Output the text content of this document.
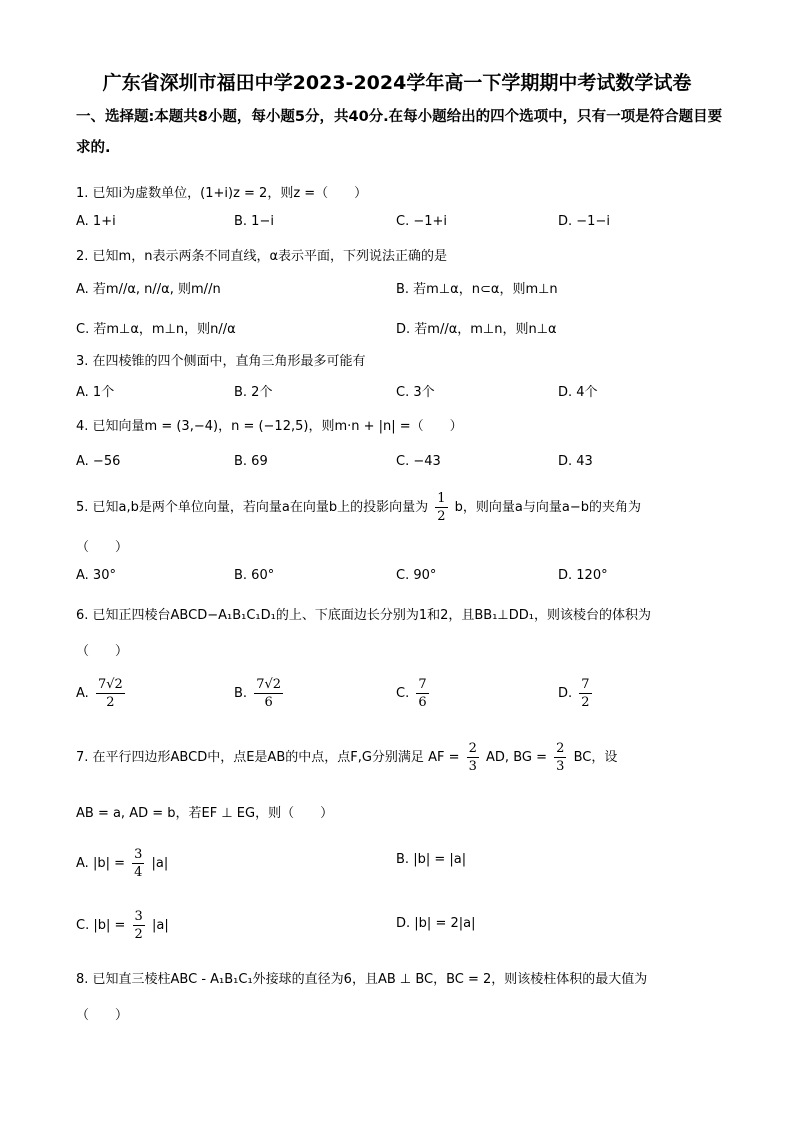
广东省深圳市福田中学2023-2024学年高一下学期期中考试数学试卷
一、选择题:本题共8小题，每小题5分，共40分.在每小题给出的四个选项中，只有一项是符合题目要求的.
1. 已知i为虚数单位，(1+i)z = 2，则z =（　　）
A. 1+i	B. 1−i	C. −1+i	D. −1−i
2. 已知m，n表示两条不同直线，α表示平面，下列说法正确的是
A. 若m//α, n//α, 则m//n	B. 若m⊥α，n⊂α，则m⊥n
C. 若m⊥α，m⊥n，则n//α	D. 若m//α，m⊥n，则n⊥α
3. 在四棱锥的四个侧面中，直角三角形最多可能有
A. 1个	B. 2个	C. 3个	D. 4个
4. 已知向量m = (3,−4)，n = (−12,5)，则m·n + |n| =（　　）
A. −56	B. 69	C. −43	D. 43
5. 已知a,b是两个单位向量，若向量a在向量b上的投影向量为 $\frac{1}{2}$ b，则向量a与向量a−b的夹角为
（　　）
A. 30°	B. 60°	C. 90°	D. 120°
6. 已知正四棱台ABCD−A₁B₁C₁D₁的上、下底面边长分别为1和2，且BB₁⊥DD₁，则该棱台的体积为
（　　）
A. $\frac{7√2}{2}$	B. $\frac{7√2}{6}$	C. $\frac{7}{6}$	D. $\frac{7}{2}$
7. 在平行四边形ABCD中，点E是AB的中点，点F,G分别满足 AF = $\frac{2}{3}$ AD, BG = $\frac{2}{3}$ BC，设
AB = a, AD = b，若EF ⊥ EG，则（　　）
A. $|b| = \frac{3}{4} |a|$	B. |b| = |a|
C. $|b| = \frac{3}{2} |a|$	D. |b| = 2|a|
8. 已知直三棱柱ABC - A₁B₁C₁外接球的直径为6，且AB ⊥ BC，BC = 2，则该棱柱体积的最大值为
（　　）
